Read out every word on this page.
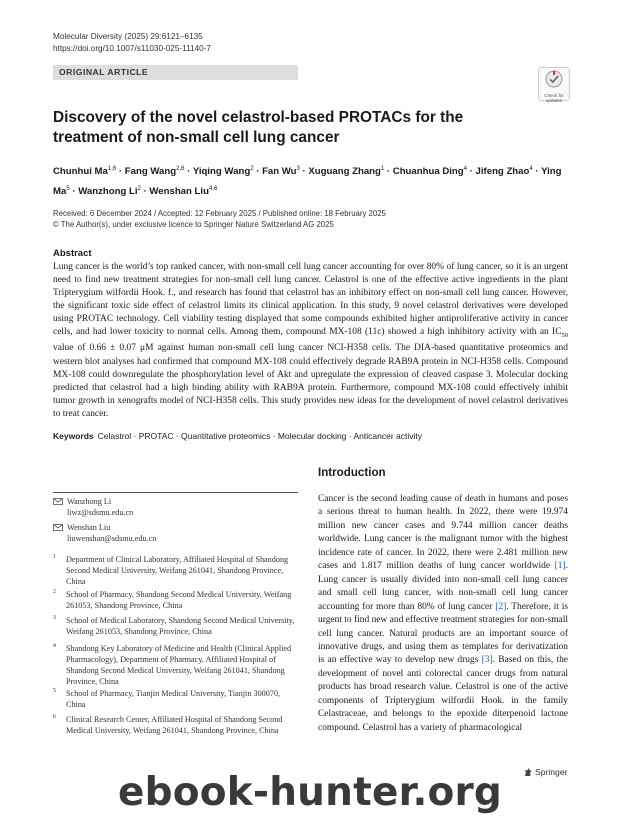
Molecular Diversity (2025) 29:6121–6135
https://doi.org/10.1007/s11030-025-11140-7
ORIGINAL ARTICLE
Check for
updates
Discovery of the novel celastrol-based PROTACs for the treatment of non-small cell lung cancer
Chunhui Ma$^{1,6}$ · Fang Wang$^{2,6}$ · Yiqing Wang$^2$ · Fan $Wu^3$ · Xuguang Zhang$^1$ · Chuanhua Ding$^4$ · Jifeng Zhao$^4$ · Ying $Ma^5$ · Wanzhong $Li^2$ · Wenshan Liu$^{4,6}$
Received: 6 December 2024 / Accepted: 12 February 2025 / Published online: 18 February 2025
© The Author(s), under exclusive licence to Springer Nature Switzerland AG 2025
Abstract
Lung cancer is the world’s top ranked cancer, with non-small cell lung cancer accounting for over 80% of lung cancer, so it is an urgent need to find new treatment strategies for non-small cell lung cancer. Celastrol is one of the effective active ingredients in the plant Tripterygium wilfordii Hook. f., and research has found that celastrol has an inhibitory effect on non-small cell lung cancer. However, the significant toxic side effect of celastrol limits its clinical application. In this study, 9 novel celastrol derivatives were developed using PROTAC technology. Cell viability testing displayed that some compounds exhibited higher antiproliferative activity in cancer cells, and had lower toxicity to normal cells. Among them, compound MX-108 (11c) showed a high inhibitory activity with an $IC_{50}$ value of 0.66 ± 0.07 μM against human non-small cell lung cancer NCI-H358 cells. The DIA-based quantitative proteomics and western blot analyses had confirmed that compound MX-108 could effectively degrade RAB9A protein in NCI-H358 cells. Compound MX-108 could downregulate the phosphorylation level of Akt and upregulate the expression of cleaved caspase 3. Molecular docking predicted that celastrol had a high binding ability with RAB9A protein. Furthermore, compound MX-108 could effectively inhibit tumor growth in xenografts model of NCI-H358 cells. This study provides new ideas for the development of novel celastrol derivatives to treat cancer.
Keywords Celastrol · PROTAC · Quantitative proteomics · Molecular docking · Anticancer activity
Wanzhong Li
liwz@sdsmu.edu.cn
Wenshan Liu
liuwenshan@sdsmu.edu.cn
1 Department of Clinical Laboratory, Affiliated Hospital of Shandong Second Medical University, Weifang 261041, Shandong Province, China
2 School of Pharmacy, Shandong Second Medical University, Weifang 261053, Shandong Province, China
3 School of Medical Laboratory, Shandong Second Medical University, Weifang 261053, Shandong Province, China
4 Shandong Key Laboratory of Medicine and Health (Clinical Applied Pharmacology), Department of Pharmacy, Affiliated Hospital of Shandong Second Medical University, Weifang 261041, Shandong Province, China
5 School of Pharmacy, Tianjin Medical University, Tianjin 300070, China
6 Clinical Research Center, Affiliated Hospital of Shandong Second Medical University, Weifang 261041, Shandong Province, China
Introduction
Cancer is the second leading cause of death in humans and poses a serious threat to human health. In 2022, there were 19.974 million new cancer cases and 9.744 million cancer deaths worldwide. Lung cancer is the malignant tumor with the highest incidence rate of cancer. In 2022, there were 2.481 million new cases and 1.817 million deaths of lung cancer worldwide [1]. Lung cancer is usually divided into non-small cell lung cancer and small cell lung cancer, with non-small cell lung cancer accounting for more than 80% of lung cancer [2]. Therefore, it is urgent to find new and effective treatment strategies for non-small cell lung cancer. Natural products are an important source of innovative drugs, and using them as templates for derivatization is an effective way to develop new drugs [3]. Based on this, the development of novel anti colorectal cancer drugs from natural products has broad research value. Celastrol is one of the active components of Tripterygium wilfordii Hook. in the family Celastraceae, and belongs to the epoxide diterpenoid lactone compound. Celastrol has a variety of pharmacological
Springer
ebook-hunter.org
